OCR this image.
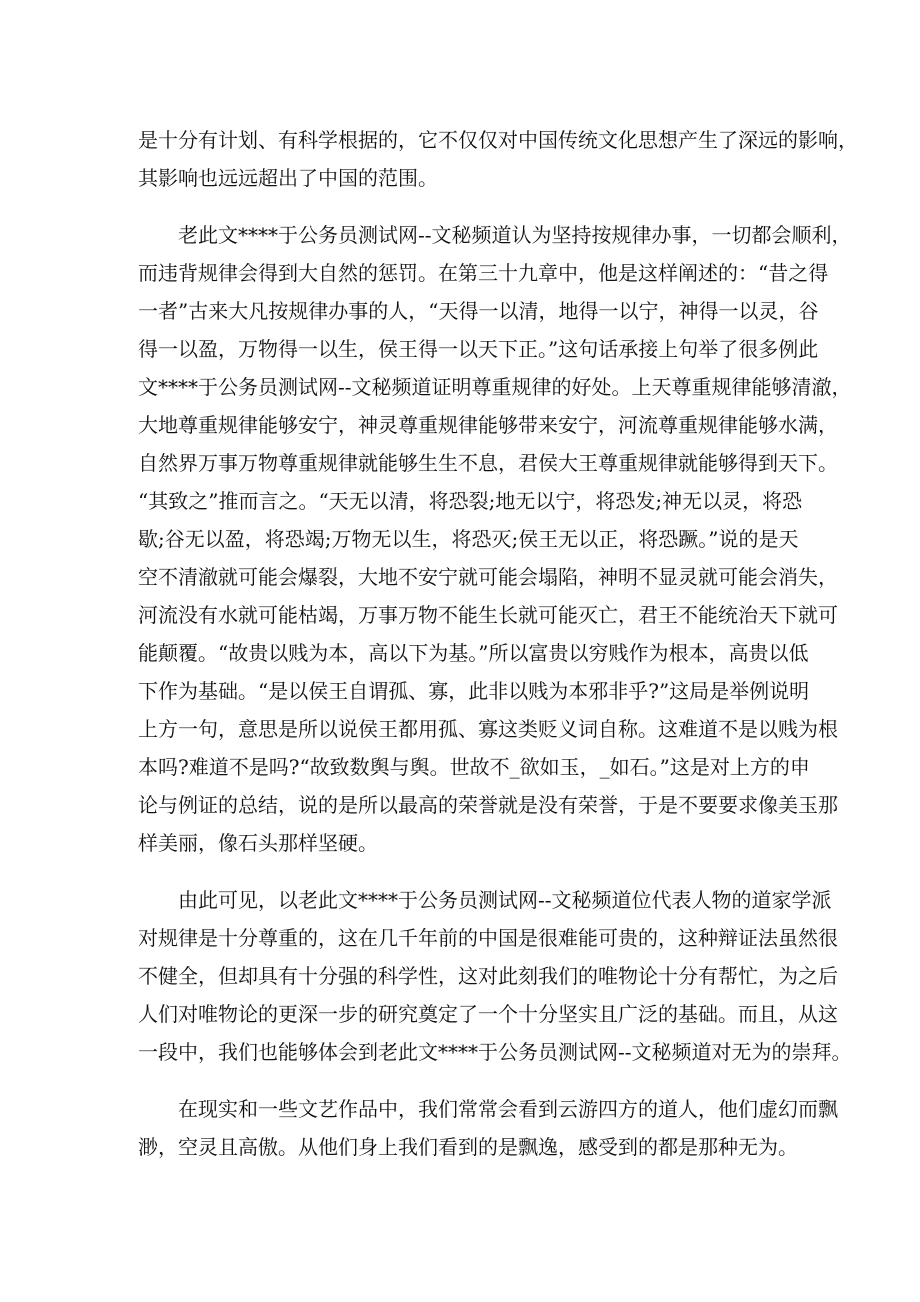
是十分有计划、有科学根据的，它不仅仅对中国传统文化思想产生了深远的影响，
其影响也远远超出了中国的范围。
老此文****于公务员测试网--文秘频道认为坚持按规律办事，一切都会顺利，
而违背规律会得到大自然的惩罚。在第三十九章中，他是这样阐述的：“昔之得
一者”古来大凡按规律办事的人，“天得一以清，地得一以宁，神得一以灵，谷
得一以盈，万物得一以生，侯王得一以天下正。”这句话承接上句举了很多例此
文****于公务员测试网--文秘频道证明尊重规律的好处。上天尊重规律能够清澈，
大地尊重规律能够安宁，神灵尊重规律能够带来安宁，河流尊重规律能够水满，
自然界万事万物尊重规律就能够生生不息，君侯大王尊重规律就能够得到天下。
“其致之”推而言之。“天无以清，将恐裂;地无以宁，将恐发;神无以灵，将恐
歇;谷无以盈，将恐竭;万物无以生，将恐灭;侯王无以正，将恐蹶。”说的是天
空不清澈就可能会爆裂，大地不安宁就可能会塌陷，神明不显灵就可能会消失，
河流没有水就可能枯竭，万事万物不能生长就可能灭亡，君王不能统治天下就可
能颠覆。“故贵以贱为本，高以下为基。”所以富贵以穷贱作为根本，高贵以低
下作为基础。“是以侯王自谓孤、寡，此非以贱为本邪非乎?”这局是举例说明
上方一句，意思是所以说侯王都用孤、寡这类贬义词自称。这难道不是以贱为根
本吗?难道不是吗?“故致数舆与舆。世故不_欲如玉，_如石。”这是对上方的申
论与例证的总结，说的是所以最高的荣誉就是没有荣誉，于是不要要求像美玉那
样美丽，像石头那样坚硬。
由此可见，以老此文****于公务员测试网--文秘频道位代表人物的道家学派
对规律是十分尊重的，这在几千年前的中国是很难能可贵的，这种辩证法虽然很
不健全，但却具有十分强的科学性，这对此刻我们的唯物论十分有帮忙，为之后
人们对唯物论的更深一步的研究奠定了一个十分坚实且广泛的基础。而且，从这
一段中，我们也能够体会到老此文****于公务员测试网--文秘频道对无为的崇拜。
在现实和一些文艺作品中，我们常常会看到云游四方的道人，他们虚幻而飘
渺，空灵且高傲。从他们身上我们看到的是飘逸，感受到的都是那种无为。
